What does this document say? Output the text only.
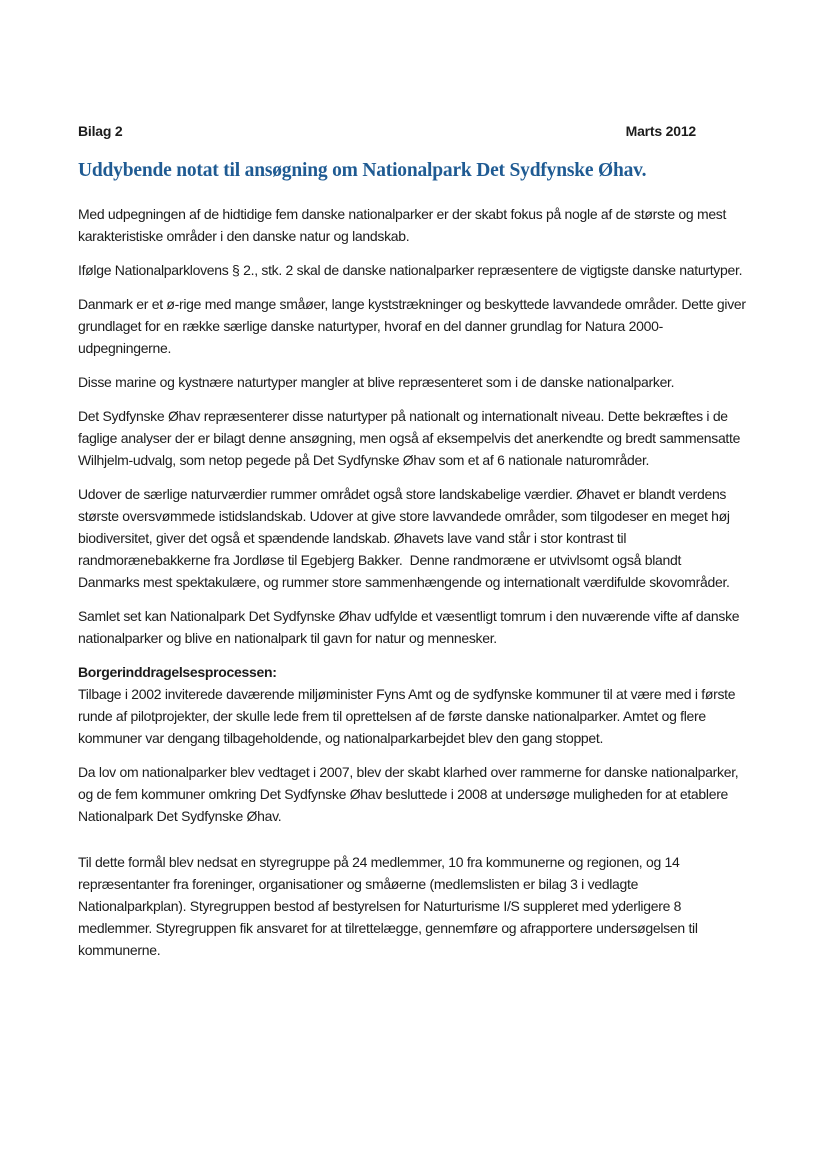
Bilag 2	Marts 2012
Uddybende notat til ansøgning om Nationalpark Det Sydfynske Øhav.

Med udpegningen af de hidtidige fem danske nationalparker er der skabt fokus på nogle af de største og mest karakteristiske områder i den danske natur og landskab.

Ifølge Nationalparklovens § 2., stk. 2 skal de danske nationalparker repræsentere de vigtigste danske naturtyper.

Danmark er et ø-rige med mange småøer, lange kyststrækninger og beskyttede lavvandede områder. Dette giver grundlaget for en række særlige danske naturtyper, hvoraf en del danner grundlag for Natura 2000-udpegningerne.

Disse marine og kystnære naturtyper mangler at blive repræsenteret som i de danske nationalparker.

Det Sydfynske Øhav repræsenterer disse naturtyper på nationalt og internationalt niveau. Dette bekræftes i de faglige analyser der er bilagt denne ansøgning, men også af eksempelvis det anerkendte og bredt sammensatte Wilhjelm-udvalg, som netop pegede på Det Sydfynske Øhav som et af 6 nationale naturområder.

Udover de særlige naturværdier rummer området også store landskabelige værdier. Øhavet er blandt verdens største oversvømmede istidslandskab. Udover at give store lavvandede områder, som tilgodeser en meget høj biodiversitet, giver det også et spændende landskab. Øhavets lave vand står i stor kontrast til randmorænebakkerne fra Jordløse til Egebjerg Bakker.  Denne randmoræne er utvivlsomt også blandt Danmarks mest spektakulære, og rummer store sammenhængende og internationalt værdifulde skovområder.

Samlet set kan Nationalpark Det Sydfynske Øhav udfylde et væsentligt tomrum i den nuværende vifte af danske nationalparker og blive en nationalpark til gavn for natur og mennesker.

Borgerinddragelsesprocessen:

Tilbage i 2002 inviterede daværende miljøminister Fyns Amt og de sydfynske kommuner til at være med i første runde af pilotprojekter, der skulle lede frem til oprettelsen af de første danske nationalparker. Amtet og flere kommuner var dengang tilbageholdende, og nationalparkarbejdet blev den gang stoppet.

Da lov om nationalparker blev vedtaget i 2007, blev der skabt klarhed over rammerne for danske nationalparker, og de fem kommuner omkring Det Sydfynske Øhav besluttede i 2008 at undersøge muligheden for at etablere Nationalpark Det Sydfynske Øhav.

Til dette formål blev nedsat en styregruppe på 24 medlemmer, 10 fra kommunerne og regionen, og 14 repræsentanter fra foreninger, organisationer og småøerne (medlemslisten er bilag 3 i vedlagte Nationalparkplan). Styregruppen bestod af bestyrelsen for Naturturisme I/S suppleret med yderligere 8 medlemmer. Styregruppen fik ansvaret for at tilrettelægge, gennemføre og afrapportere undersøgelsen til kommunerne.
